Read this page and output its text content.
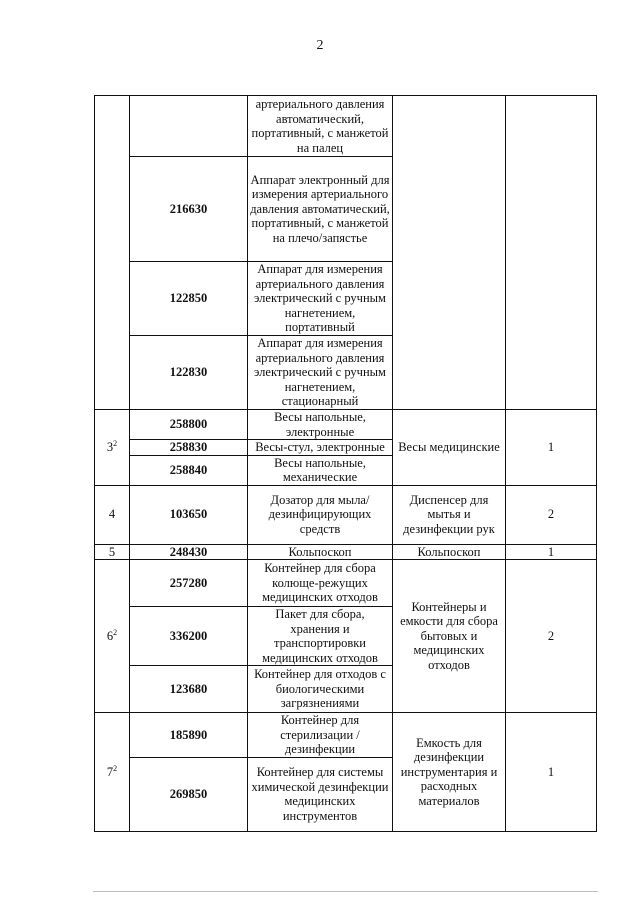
2
		артериального давления автоматический, портативный, с манжетой на палец		
	216630	Аппарат электронный для измерения артериального давления автоматический, портативный, с манжетой на плечо/запястье		
	122850	Аппарат для измерения артериального давления электрический с ручным нагнетением, портативный		
	122830	Аппарат для измерения артериального давления электрический с ручным нагнетением, стационарный		
$3^2$	258800	Весы напольные, электронные	Весы медицинские	1
	258830	Весы-стул, электронные		
	258840	Весы напольные, механические		
4	103650	Дозатор для мыла/ дезинфицирующих средств	Диспенсер для мытья и дезинфекции рук	2
5	248430	Кольпоскоп	Кольпоскоп	1
$6^2$	257280	Контейнер для сбора колюще-режущих медицинских отходов	Контейнеры и емкости для сбора бытовых и медицинских отходов	2
	336200	Пакет для сбора, хранения и транспортировки медицинских отходов		
	123680	Контейнер для отходов с биологическими загрязнениями		
$7^2$	185890	Контейнер для стерилизации /дезинфекции	Емкость для дезинфекции инструментария и расходных материалов	1
	269850	Контейнер для системы химической дезинфекции медицинских инструментов		
